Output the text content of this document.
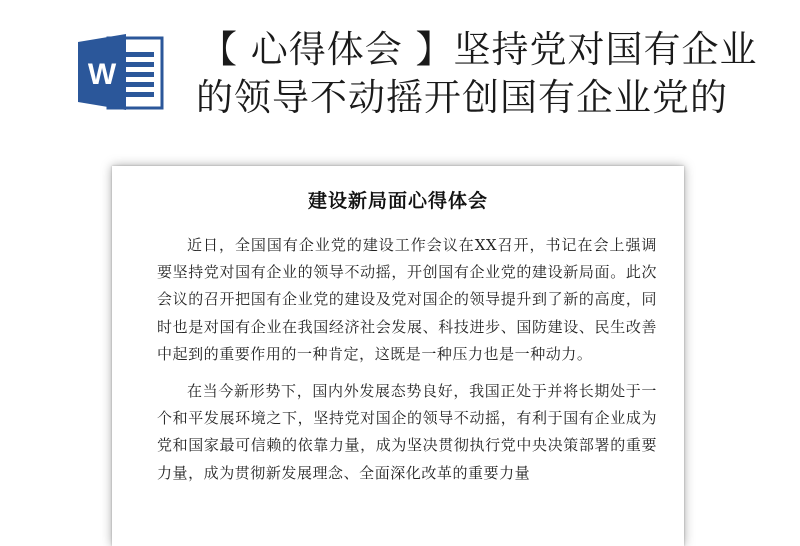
W
【 心得体会 】坚持党对国有企业
的领导不动摇开创国有企业党的
建设新局面心得体会

近日，全国国有企业党的建设工作会议在XX召开，书记在会上强调要坚持党对国有企业的领导不动摇，开创国有企业党的建设新局面。此次会议的召开把国有企业党的建设及党对国企的领导提升到了新的高度，同时也是对国有企业在我国经济社会发展、科技进步、国防建设、民生改善中起到的重要作用的一种肯定，这既是一种压力也是一种动力。

在当今新形势下，国内外发展态势良好，我国正处于并将长期处于一个和平发展环境之下，坚持党对国企的领导不动摇，有利于国有企业成为党和国家最可信赖的依靠力量，成为坚决贯彻执行党中央决策部署的重要力量，成为贯彻新发展理念、全面深化改革的重要力量
